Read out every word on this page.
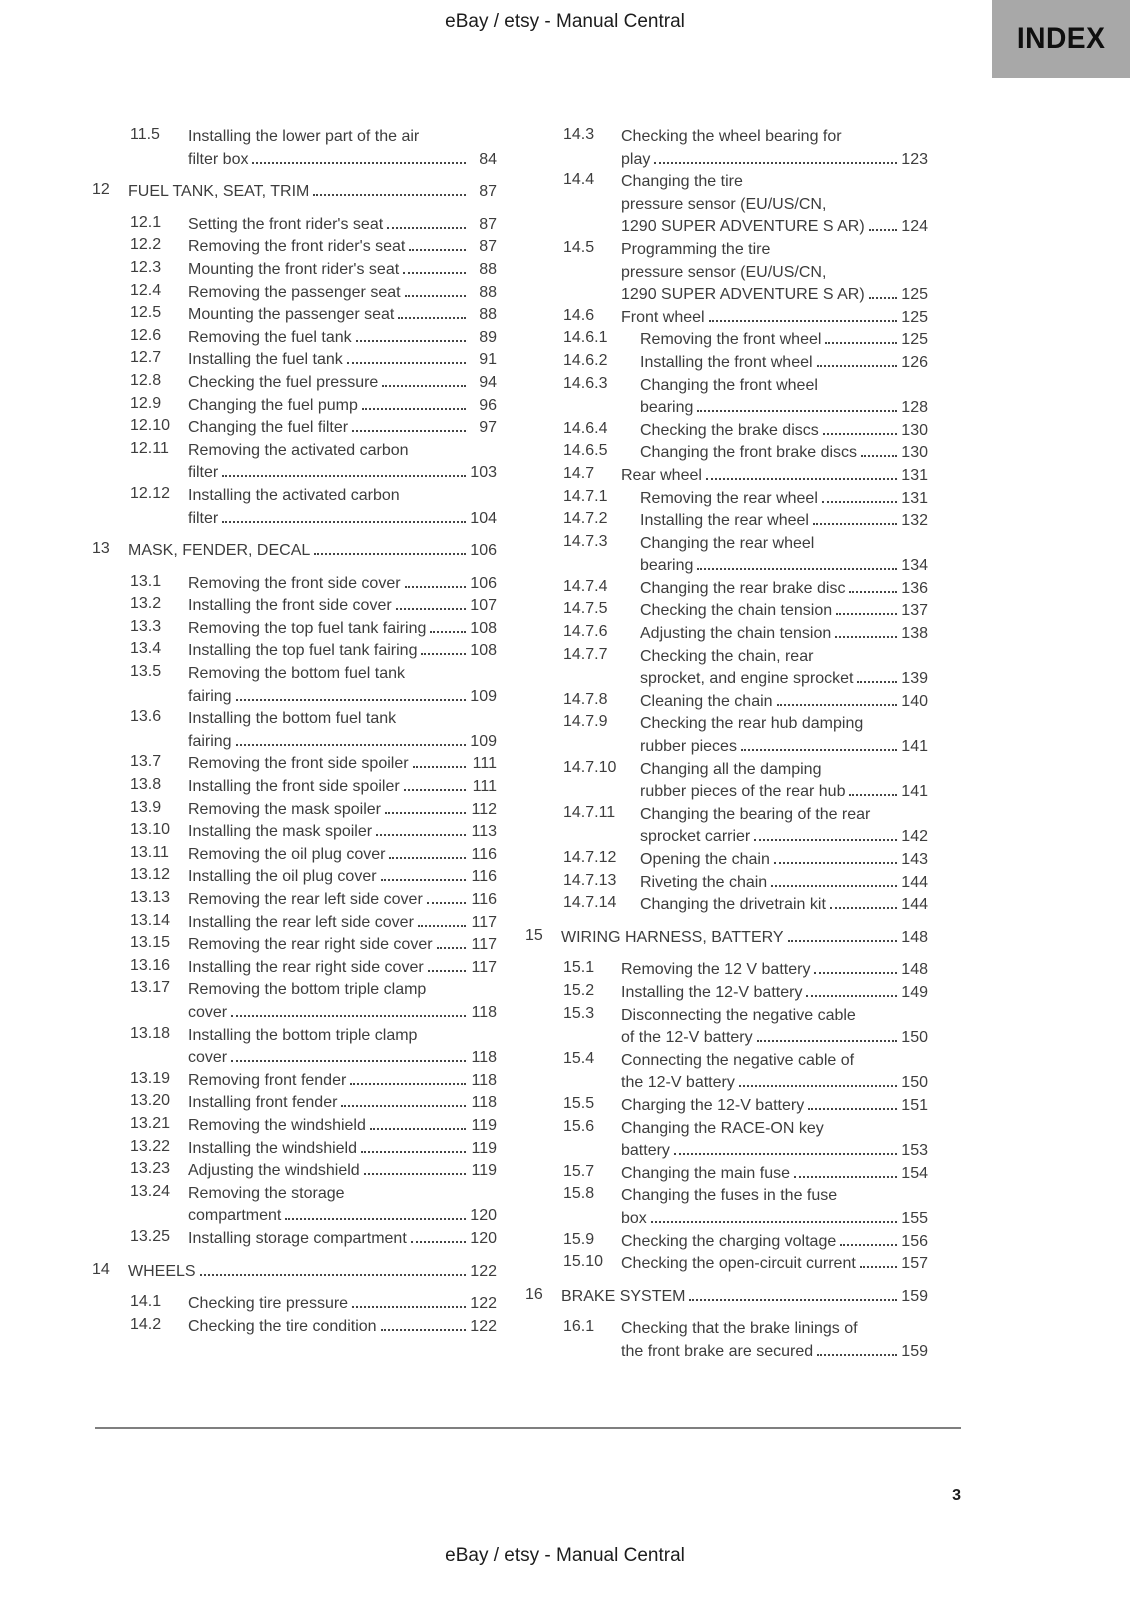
eBay / etsy - Manual Central
INDEX
11.5	Installing the lower part of the air
filter box	84
12	FUEL TANK, SEAT, TRIM	87
12.1	Setting the front rider's seat	87
12.2	Removing the front rider's seat	87
12.3	Mounting the front rider's seat	88
12.4	Removing the passenger seat	88
12.5	Mounting the passenger seat	88
12.6	Removing the fuel tank	89
12.7	Installing the fuel tank	91
12.8	Checking the fuel pressure	94
12.9	Changing the fuel pump	96
12.10	Changing the fuel filter	97
12.11	Removing the activated carbon
filter	103
12.12	Installing the activated carbon
filter	104
13	MASK, FENDER, DECAL	106
13.1	Removing the front side cover	106
13.2	Installing the front side cover	107
13.3	Removing the top fuel tank fairing	108
13.4	Installing the top fuel tank fairing	108
13.5	Removing the bottom fuel tank
fairing	109
13.6	Installing the bottom fuel tank
fairing	109
13.7	Removing the front side spoiler	111
13.8	Installing the front side spoiler	111
13.9	Removing the mask spoiler	112
13.10	Installing the mask spoiler	113
13.11	Removing the oil plug cover	116
13.12	Installing the oil plug cover	116
13.13	Removing the rear left side cover	116
13.14	Installing the rear left side cover	117
13.15	Removing the rear right side cover 117
13.16	Installing the rear right side cover	117
13.17	Removing the bottom triple clamp
cover	118
13.18	Installing the bottom triple clamp
cover	118
13.19	Removing front fender	118
13.20	Installing front fender	118
13.21	Removing the windshield	119
13.22	Installing the windshield	119
13.23	Adjusting the windshield	119
13.24	Removing the storage
compartment	120
13.25	Installing storage compartment	120
14	WHEELS	122
14.1	Checking tire pressure	122
14.2	Checking the tire condition	122
14.3	Checking the wheel bearing for
play	123
14.4	Changing the tire
pressure sensor (EU/US/CN,
1290 SUPER ADVENTURE S AR) 124
14.5	Programming the tire
pressure sensor (EU/US/CN,
1290 SUPER ADVENTURE S AR) 125
14.6	Front wheel	125
14.6.1	Removing the front wheel	125
14.6.2	Installing the front wheel	126
14.6.3	Changing the front wheel
bearing	128
14.6.4	Checking the brake discs	130
14.6.5	Changing the front brake discs	130
14.7	Rear wheel	131
14.7.1	Removing the rear wheel	131
14.7.2	Installing the rear wheel	132
14.7.3	Changing the rear wheel
bearing	134
14.7.4	Changing the rear brake disc	136
14.7.5	Checking the chain tension	137
14.7.6	Adjusting the chain tension	138
14.7.7	Checking the chain, rear
sprocket, and engine sprocket	139
14.7.8	Cleaning the chain	140
14.7.9	Checking the rear hub damping
rubber pieces	141
14.7.10	Changing all the damping
rubber pieces of the rear hub	141
14.7.11	Changing the bearing of the rear
sprocket carrier	142
14.7.12	Opening the chain	143
14.7.13	Riveting the chain	144
14.7.14	Changing the drivetrain kit	144
15	WIRING HARNESS, BATTERY	148
15.1	Removing the 12 V battery	148
15.2	Installing the 12-V battery	149
15.3	Disconnecting the negative cable
of the 12-V battery	150
15.4	Connecting the negative cable of
the 12-V battery	150
15.5	Charging the 12-V battery	151
15.6	Changing the RACE-ON key
battery	153
15.7	Changing the main fuse	154
15.8	Changing the fuses in the fuse
box	155
15.9	Checking the charging voltage	156
15.10	Checking the open-circuit current	157
16	BRAKE SYSTEM	159
16.1	Checking that the brake linings of
the front brake are secured	159
3
eBay / etsy - Manual Central
